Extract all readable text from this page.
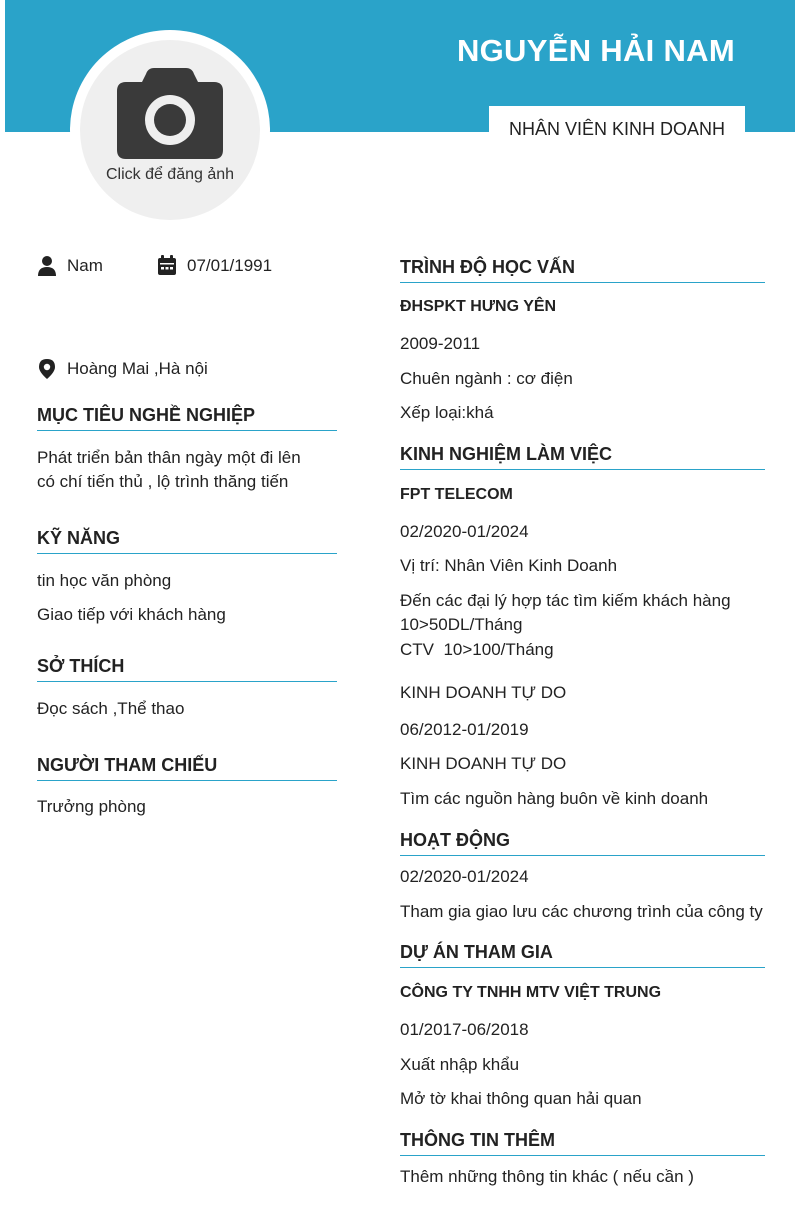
NGUYỄN HẢI NAM
NHÂN VIÊN KINH DOANH
Click để đăng ảnh
Nam	07/01/1991
Hoàng Mai ,Hà nội
MỤC TIÊU NGHỀ NGHIỆP
Phát triển bản thân ngày một đi lên
có chí tiến thủ , lộ trình thăng tiến
KỸ NĂNG
tin học văn phòng
Giao tiếp với khách hàng
SỞ THÍCH
Đọc sách ,Thể thao
NGƯỜI THAM CHIẾU
Trưởng phòng
TRÌNH ĐỘ HỌC VẤN
ĐHSPKT HƯNG YÊN
2009-2011
Chuên ngành : cơ điện
Xếp loại:khá
KINH NGHIỆM LÀM VIỆC
FPT TELECOM
02/2020-01/2024
Vị trí: Nhân Viên Kinh Doanh
Đến các đại lý hợp tác tìm kiếm khách hàng
10>50DL/Tháng
CTV  10>100/Tháng
KINH DOANH TỰ DO
06/2012-01/2019
KINH DOANH TỰ DO
Tìm các nguồn hàng buôn về kinh doanh
HOẠT ĐỘNG
02/2020-01/2024
Tham gia giao lưu các chương trình của công ty
DỰ ÁN THAM GIA
CÔNG TY TNHH MTV VIỆT TRUNG
01/2017-06/2018
Xuất nhập khẩu
Mở tờ khai thông quan hải quan
THÔNG TIN THÊM
Thêm những thông tin khác ( nếu cần )
